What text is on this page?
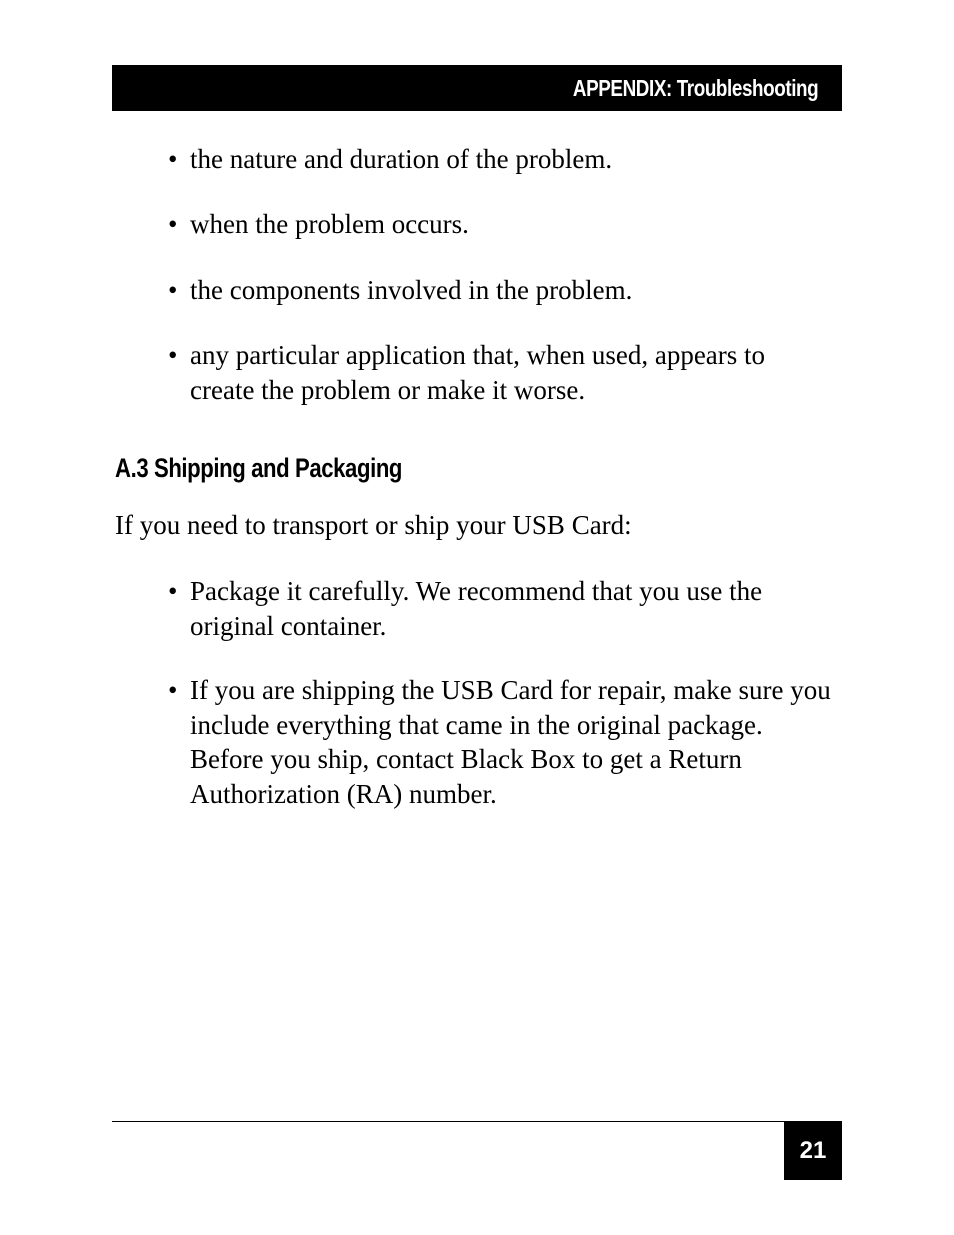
APPENDIX: Troubleshooting
• the nature and duration of the problem.
• when the problem occurs.
• the components involved in the problem.
• any particular application that, when used, appears to create the problem or make it worse.
A.3 Shipping and Packaging
If you need to transport or ship your USB Card:
• Package it carefully. We recommend that you use the original container.
• If you are shipping the USB Card for repair, make sure you include everything that came in the original package. Before you ship, contact Black Box to get a Return Authorization (RA) number.
21
